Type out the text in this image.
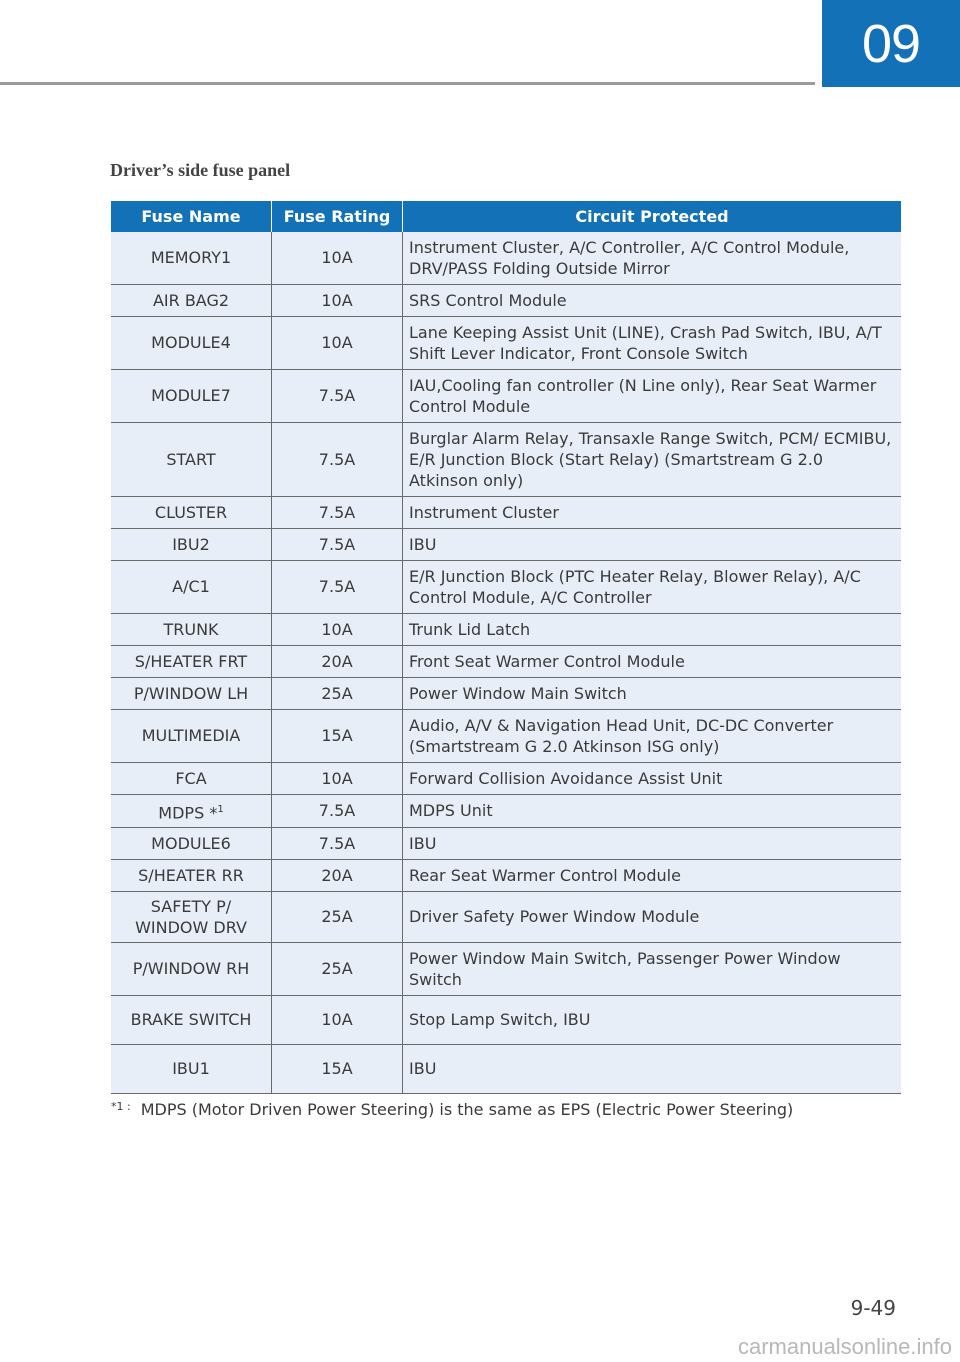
09
Driver’s side fuse panel
Fuse Name	Fuse Rating	Circuit Protected
MEMORY1	10A	Instrument Cluster, A/C Controller, A/C Control Module, DRV/PASS Folding Outside Mirror
AIR BAG2	10A	SRS Control Module
MODULE4	10A	Lane Keeping Assist Unit (LINE), Crash Pad Switch, IBU, A/T Shift Lever Indicator, Front Console Switch
MODULE7	7.5A	IAU,Cooling fan controller (N Line only), Rear Seat Warmer Control Module
START	7.5A	Burglar Alarm Relay, Transaxle Range Switch, PCM/ ECMIBU, E/R Junction Block (Start Relay) (Smartstream G 2.0 Atkinson only)
CLUSTER	7.5A	Instrument Cluster
IBU2	7.5A	IBU
A/C1	7.5A	E/R Junction Block (PTC Heater Relay, Blower Relay), A/C Control Module, A/C Controller
TRUNK	10A	Trunk Lid Latch
S/HEATER FRT	20A	Front Seat Warmer Control Module
P/WINDOW LH	25A	Power Window Main Switch
MULTIMEDIA	15A	Audio, A/V & Navigation Head Unit, DC-DC Converter (Smartstream G 2.0 Atkinson ISG only)
FCA	10A	Forward Collision Avoidance Assist Unit
MDPS *$^1$	7.5A	MDPS Unit
MODULE6	7.5A	IBU
S/HEATER RR	20A	Rear Seat Warmer Control Module
SAFETY P/ WINDOW DRV	25A	Driver Safety Power Window Module
P/WINDOW RH	25A	Power Window Main Switch, Passenger Power Window Switch
BRAKE SWITCH	10A	Stop Lamp Switch, IBU
IBU1	15A	IBU
$^{*1 :}$ MDPS (Motor Driven Power Steering) is the same as EPS (Electric Power Steering)
9-49
carmanualsonline.info
